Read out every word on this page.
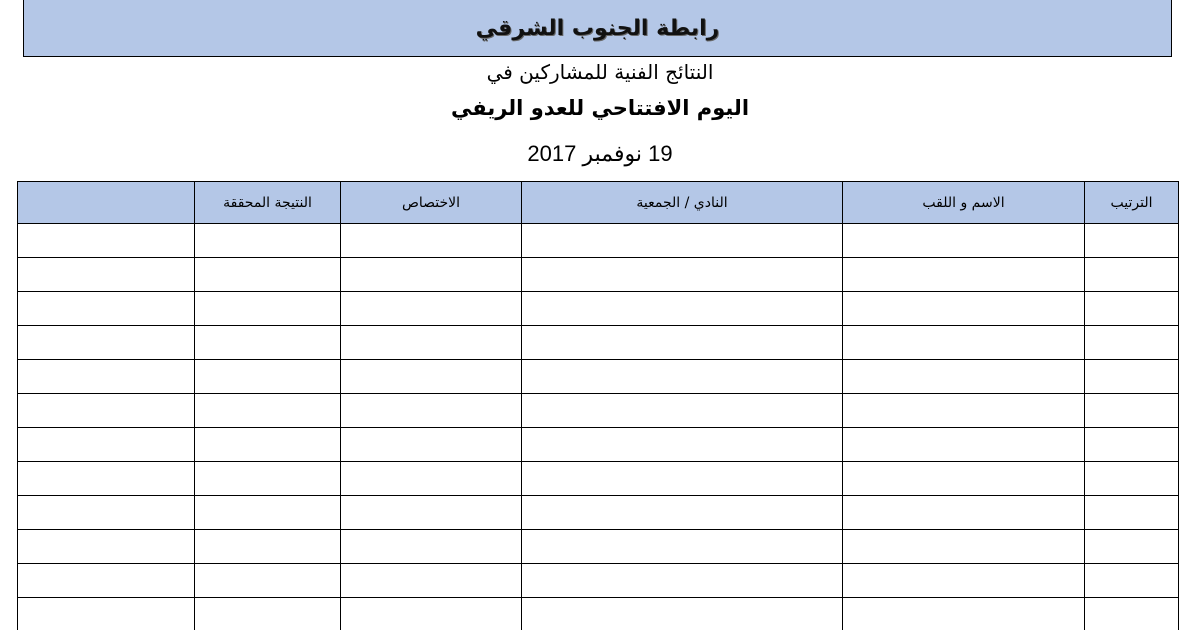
رابطة الجنوب الشرقي
النتائج الفنية للمشاركين في
اليوم الافتتاحي للعدو الريفي
19 نوفمبر 2017
الترتيب	الاسم و اللقب	النادي / الجمعية	الاختصاص	النتيجة المحققة	
